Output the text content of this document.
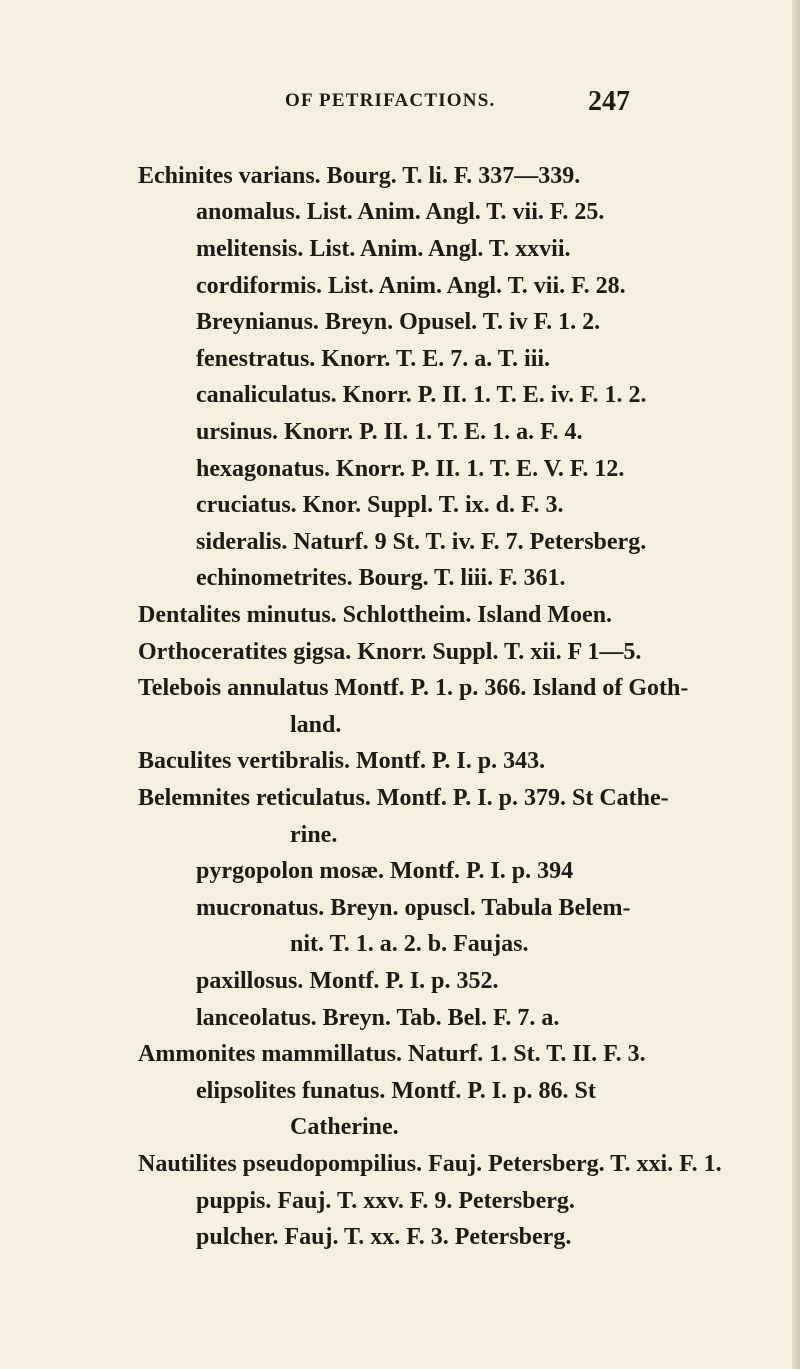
OF PETRIFACTIONS.	247
Echinites varians. Bourg. T. li. F. 337—339.
anomalus. List. Anim. Angl. T. vii. F. 25.
melitensis. List. Anim. Angl. T. xxvii.
cordiformis. List. Anim. Angl. T. vii. F. 28.
Breynianus. Breyn. Opusel. T. iv F. 1. 2.
fenestratus. Knorr. T. E. 7. a. T. iii.
canaliculatus. Knorr. P. II. 1. T. E. iv. F. 1. 2.
ursinus. Knorr. P. II. 1. T. E. 1. a. F. 4.
hexagonatus. Knorr. P. II. 1. T. E. V. F. 12.
cruciatus. Knor. Suppl. T. ix. d. F. 3.
sideralis. Naturf. 9 St. T. iv. F. 7. Petersberg.
echinometrites. Bourg. T. liii. F. 361.
Dentalites minutus. Schlottheim. Island Moen.
Orthoceratites gigsa. Knorr. Suppl. T. xii. F 1—5.
Telebois annulatus Montf. P. 1. p. 366. Island of Goth-
land.
Baculites vertibralis. Montf. P. I. p. 343.
Belemnites reticulatus. Montf. P. I. p. 379. St Cathe-
rine.
pyrgopolon mosæ. Montf. P. I. p. 394
mucronatus. Breyn. opuscl. Tabula Belem-
nit. T. 1. a. 2. b. Faujas.
paxillosus. Montf. P. I. p. 352.
lanceolatus. Breyn. Tab. Bel. F. 7. a.
Ammonites mammillatus. Naturf. 1. St. T. II. F. 3.
elipsolites funatus. Montf. P. I. p. 86. St
Catherine.
Nautilites pseudopompilius. Fauj. Petersberg. T. xxi. F. 1.
puppis. Fauj. T. xxv. F. 9. Petersberg.
pulcher. Fauj. T. xx. F. 3. Petersberg.
